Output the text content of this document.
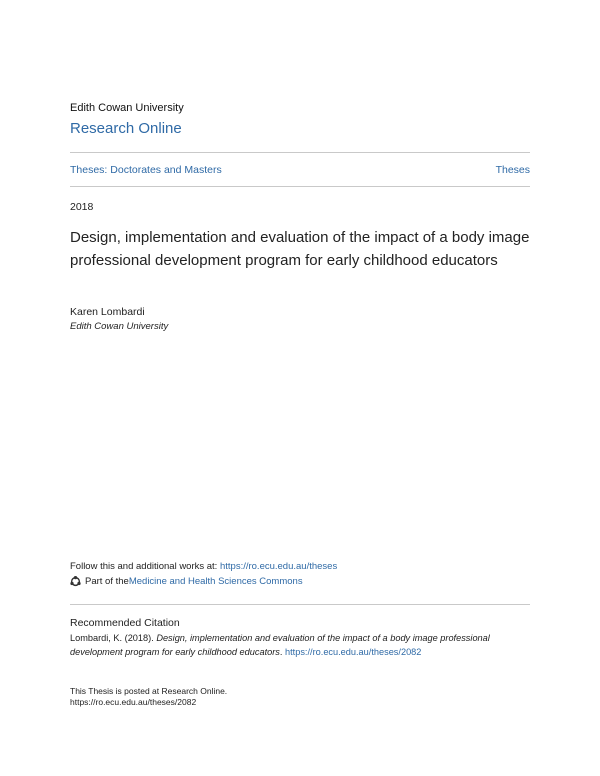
Edith Cowan University
Research Online
Theses: Doctorates and Masters	Theses
2018
Design, implementation and evaluation of the impact of a body image professional development program for early childhood educators
Karen Lombardi
Edith Cowan University
Follow this and additional works at: https://ro.ecu.edu.au/theses
Part of the Medicine and Health Sciences Commons
Recommended Citation
Lombardi, K. (2018). Design, implementation and evaluation of the impact of a body image professional development program for early childhood educators. https://ro.ecu.edu.au/theses/2082
This Thesis is posted at Research Online.
https://ro.ecu.edu.au/theses/2082
